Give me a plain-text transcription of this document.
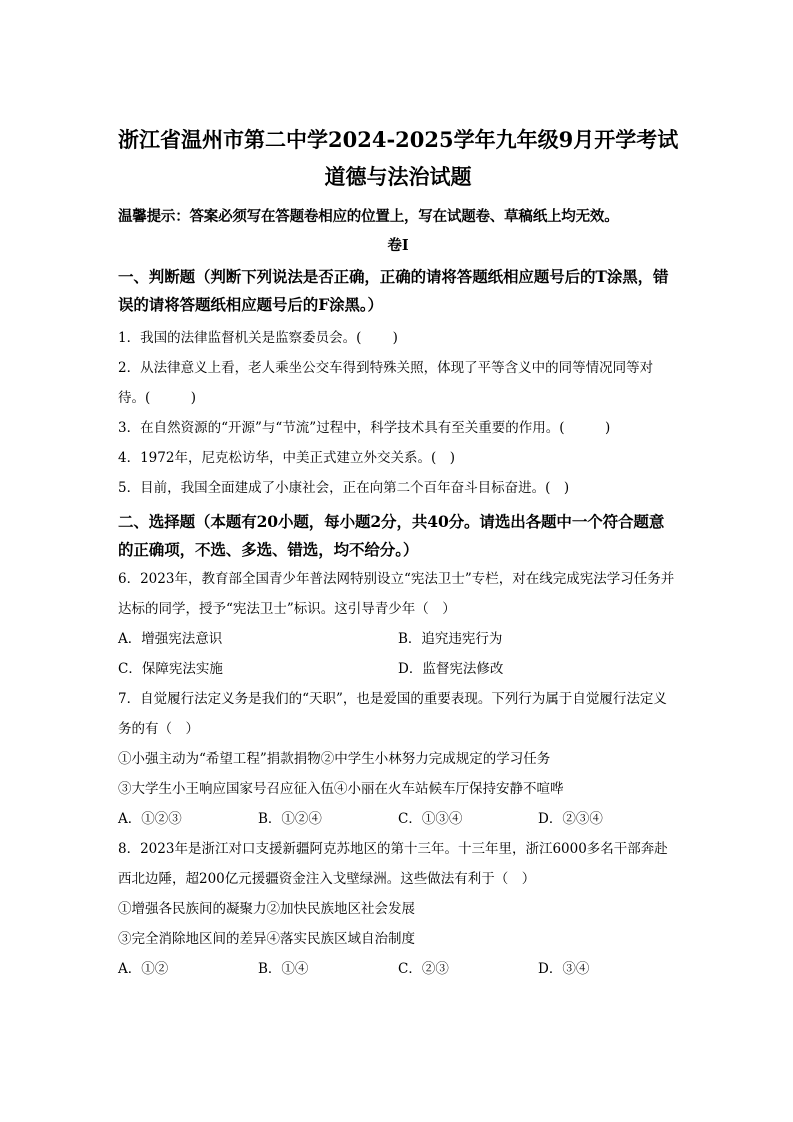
浙江省温州市第二中学2024-2025学年九年级9月开学考试

道德与法治试题

温馨提示：答案必须写在答题卷相应的位置上，写在试题卷、草稿纸上均无效。
卷I
一、判断题（判断下列说法是否正确，正确的请将答题纸相应题号后的T涂黑，错误的请将答题纸相应题号后的F涂黑。）

1．我国的法律监督机关是监察委员会。(　　 )

2．从法律意义上看，老人乘坐公交车得到特殊关照，体现了平等含义中的同等情况同等对待。(　　　)

3．在自然资源的“开源”与“节流”过程中，科学技术具有至关重要的作用。(　　　)

4．1972年，尼克松访华，中美正式建立外交关系。(　)

5．目前，我国全面建成了小康社会，正在向第二个百年奋斗目标奋进。(　)

二、选择题（本题有20小题，每小题2分，共40分。请选出各题中一个符合题意的正确项，不选、多选、错选，均不给分。）

6．2023年，教育部全国青少年普法网特别设立“宪法卫士”专栏，对在线完成宪法学习任务并达标的同学，授予“宪法卫士”标识。这引导青少年（　）

A．增强宪法意识	B．追究违宪行为
C．保障宪法实施	D．监督宪法修改

7．自觉履行法定义务是我们的“天职”，也是爱国的重要表现。下列行为属于自觉履行法定义务的有（　）

①小强主动为“希望工程”捐款捐物②中学生小林努力完成规定的学习任务

③大学生小王响应国家号召应征入伍④小丽在火车站候车厅保持安静不喧哗

A．①②③	B．①②④	C．①③④	D．②③④

8．2023年是浙江对口支援新疆阿克苏地区的第十三年。十三年里，浙江6000多名干部奔赴西北边陲，超200亿元援疆资金注入戈壁绿洲。这些做法有利于（　）

①增强各民族间的凝聚力②加快民族地区社会发展

③完全消除地区间的差异④落实民族区域自治制度

A．①②	B．①④	C．②③	D．③④
